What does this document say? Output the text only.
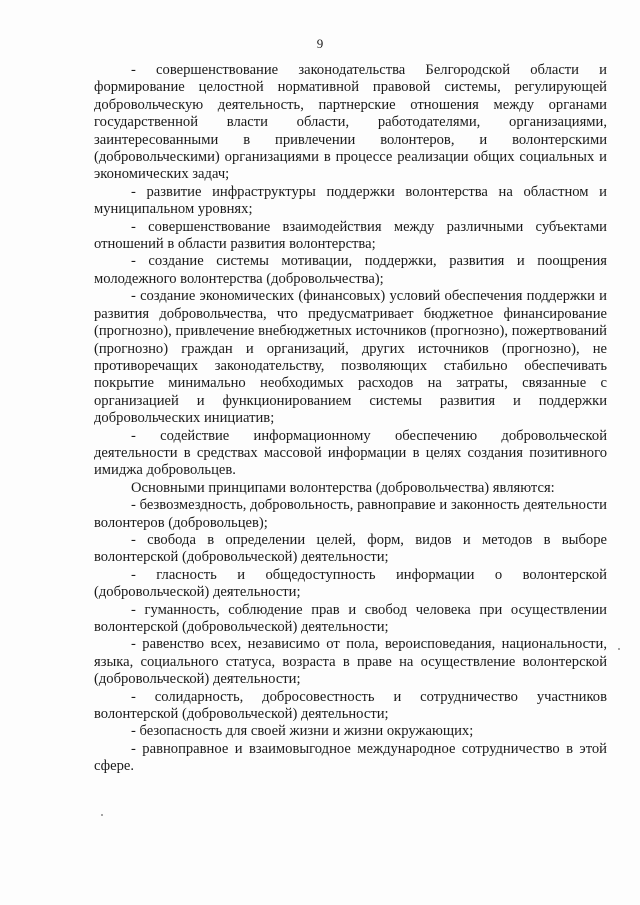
9

- совершенствование законодательства Белгородской области и формирование целостной нормативной правовой системы, регулирующей добровольческую деятельность, партнерские отношения между органами государственной власти области, работодателями, организациями, заинтересованными в привлечении волонтеров, и волонтерскими (добровольческими) организациями в процессе реализации общих социальных и экономических задач;

- развитие инфраструктуры поддержки волонтерства на областном и муниципальном уровнях;

- совершенствование взаимодействия между различными субъектами отношений в области развития волонтерства;

- создание системы мотивации, поддержки, развития и поощрения молодежного волонтерства (добровольчества);

- создание экономических (финансовых) условий обеспечения поддержки и развития добровольчества, что предусматривает бюджетное финансирование (прогнозно), привлечение внебюджетных источников (прогнозно), пожертвований (прогнозно) граждан и организаций, других источников (прогнозно), не противоречащих законодательству, позволяющих стабильно обеспечивать покрытие минимально необходимых расходов на затраты, связанные с организацией и функционированием системы развития и поддержки добровольческих инициатив;

- содействие информационному обеспечению добровольческой деятельности в средствах массовой информации в целях создания позитивного имиджа добровольцев.

Основными принципами волонтерства (добровольчества) являются:

- безвозмездность, добровольность, равноправие и законность деятельности волонтеров (добровольцев);

- свобода в определении целей, форм, видов и методов в выборе волонтерской (добровольческой) деятельности;

- гласность и общедоступность информации о волонтерской (добровольческой) деятельности;

- гуманность, соблюдение прав и свобод человека при осуществлении волонтерской (добровольческой) деятельности;

- равенство всех, независимо от пола, вероисповедания, национальности, языка, социального статуса, возраста в праве на осуществление волонтерской (добровольческой) деятельности;

- солидарность, добросовестность и сотрудничество участников волонтерской (добровольческой) деятельности;

- безопасность для своей жизни и жизни окружающих;

- равноправное и взаимовыгодное международное сотрудничество в этой сфере.
